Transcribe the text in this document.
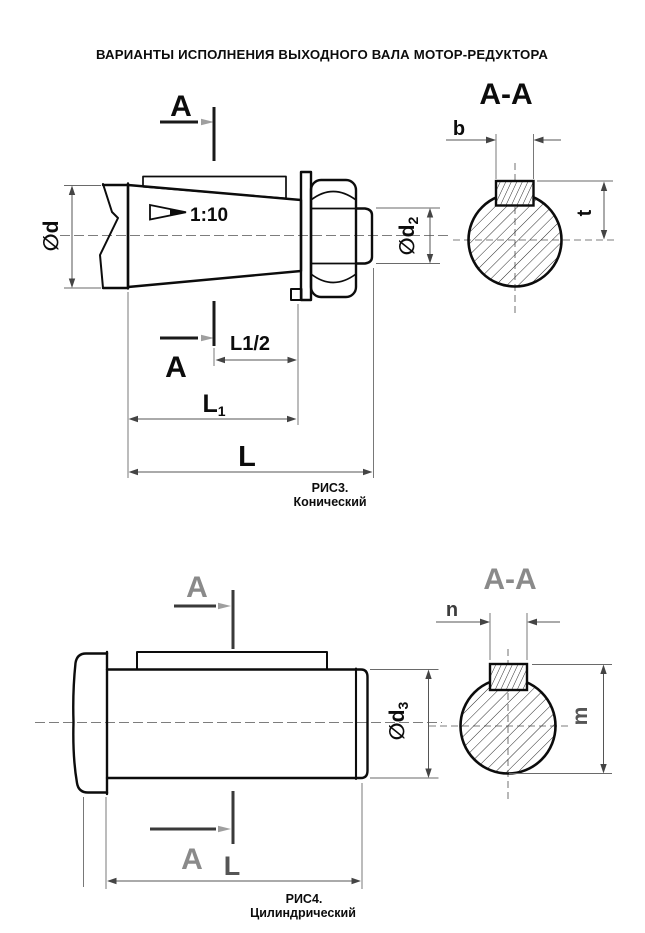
ВАРИАНТЫ ИСПОЛНЕНИЯ ВЫХОДНОГО ВАЛА МОТОР-РЕДУКТОРА
A
A
1:10
∅d	∅d2
L1/2
L1
L
РИС3.
Конический
A-A
b
t
A
A
∅d3
L
РИС4.
Цилиндрический
A-A
n
m
